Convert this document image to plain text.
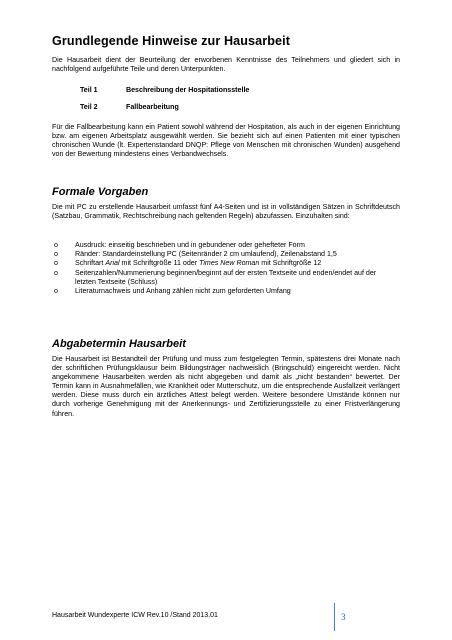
Grundlegende Hinweise zur Hausarbeit

Die Hausarbeit dient der Beurteilung der erworbenen Kenntnisse des Teilnehmers und gliedert sich in nachfolgend aufgeführte Teile und deren Unterpunkten.

Teil 1	Beschreibung der Hospitationsstelle
Teil 2	Fallbearbeitung

Für die Fallbearbeitung kann ein Patient sowohl während der Hospitation, als auch in der eigenen Einrichtung bzw. am eigenen Arbeitsplatz ausgewählt werden. Sie bezieht sich auf einen Patienten mit einer typischen chronischen Wunde (lt. Expertenstandard DNQP: Pflege von Menschen mit chronischen Wunden) ausgehend von der Bewertung mindestens eines Verbandwechsels.

Formale Vorgaben

Die mit PC zu erstellende Hausarbeit umfasst fünf A4-Seiten und ist in vollständigen Sätzen in Schriftdeutsch (Satzbau, Grammatik, Rechtschreibung nach geltenden Regeln) abzufassen. Einzuhalten sind:

o Ausdruck: einseitig beschrieben und in gebundener oder gehefteter Form
o Ränder: Standardeinstellung PC (Seitenränder 2 cm umlaufend), Zeilenabstand 1,5
o Schriftart Arial mit Schriftgröße 11 oder Times New Roman mit Schriftgröße 12
o Seitenzahlen/Nummerierung beginnen/beginnt auf der ersten Textseite und enden/endet auf der letzten Textseite (Schluss)
o Literaturnachweis und Anhang zählen nicht zum geforderten Umfang
Abgabetermin Hausarbeit

Die Hausarbeit ist Bestandteil der Prüfung und muss zum festgelegten Termin, spätestens drei Monate nach der schriftlichen Prüfungsklausur beim Bildungsträger nachweislich (Bringschuld) eingereicht werden. Nicht angekommene Hausarbeiten werden als nicht abgegeben und damit als „nicht bestanden“ bewertet. Der Termin kann in Ausnahmefällen, wie Krankheit oder Mutterschutz, um die entsprechende Ausfallzeit verlängert werden. Diese muss durch ein ärztliches Attest belegt werden. Weitere besondere Umstände können nur durch vorherige Genehmigung mit der Anerkennungs- und Zertifizierungsstelle zu einer Fristverlängerung führen.

Hausarbeit Wundexperte ICW Rev.10 /Stand 2013.01	3
